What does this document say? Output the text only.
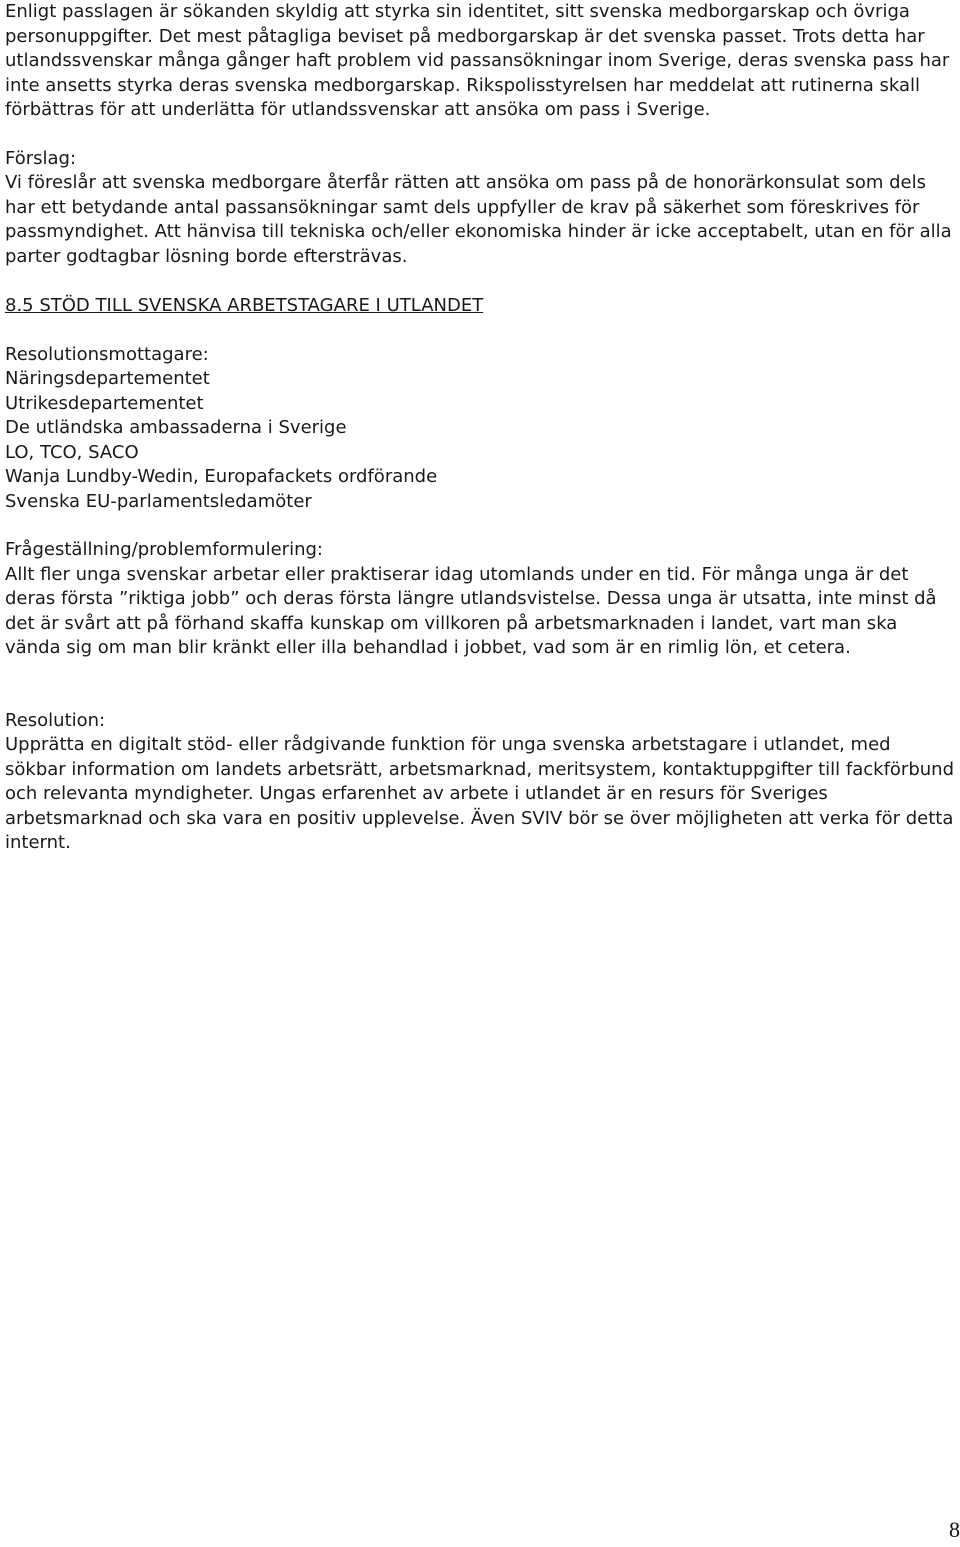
Enligt passlagen är sökanden skyldig att styrka sin identitet, sitt svenska medborgarskap och övriga personuppgifter. Det mest påtagliga beviset på medborgarskap är det svenska passet. Trots detta har utlandssvenskar många gånger haft problem vid passansökningar inom Sverige, deras svenska pass har inte ansetts styrka deras svenska medborgarskap. Rikspolisstyrelsen har meddelat att rutinerna skall förbättras för att underlätta för utlandssvenskar att ansöka om pass i Sverige.

Förslag:

Vi föreslår att svenska medborgare återfår rätten att ansöka om pass på de honorärkonsulat som dels har ett betydande antal passansökningar samt dels uppfyller de krav på säkerhet som föreskrives för passmyndighet. Att hänvisa till tekniska och/eller ekonomiska hinder är icke acceptabelt, utan en för alla parter godtagbar lösning borde eftersträvas.

8.5 STÖD TILL SVENSKA ARBETSTAGARE I UTLANDET

Resolutionsmottagare:

Näringsdepartementet

Utrikesdepartementet

De utländska ambassaderna i Sverige

LO, TCO, SACO

Wanja Lundby-Wedin, Europafackets ordförande

Svenska EU-parlamentsledamöter

Frågeställning/problemformulering:

Allt fler unga svenskar arbetar eller praktiserar idag utomlands under en tid. För många unga är det deras första ”riktiga jobb” och deras första längre utlandsvistelse. Dessa unga är utsatta, inte minst då det är svårt att på förhand skaffa kunskap om villkoren på arbetsmarknaden i landet, vart man ska vända sig om man blir kränkt eller illa behandlad i jobbet, vad som är en rimlig lön, et cetera.

Resolution:

Upprätta en digitalt stöd- eller rådgivande funktion för unga svenska arbetstagare i utlandet, med sökbar information om landets arbetsrätt, arbetsmarknad, meritsystem, kontaktuppgifter till fackförbund och relevanta myndigheter. Ungas erfarenhet av arbete i utlandet är en resurs för Sveriges arbetsmarknad och ska vara en positiv upplevelse. Även SVIV bör se över möjligheten att verka för detta internt.

8
